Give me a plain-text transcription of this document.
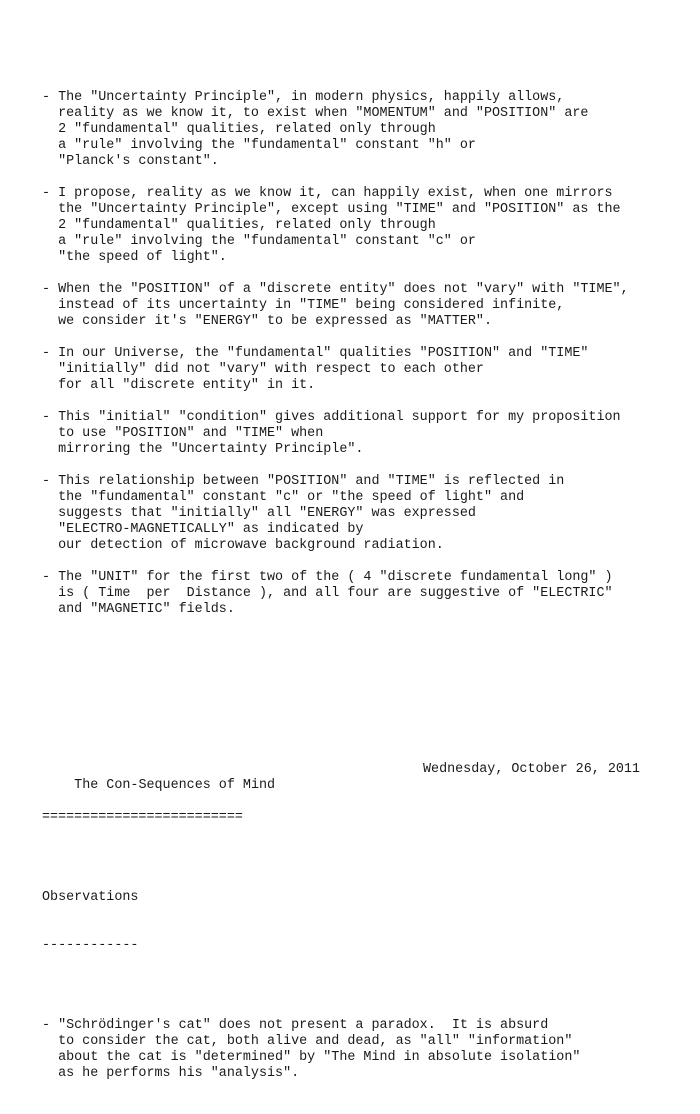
- The "Uncertainty Principle", in modern physics, happily allows,
reality as we know it, to exist when "MOMENTUM" and "POSITION" are
2 "fundamental" qualities, related only through
a "rule" involving the "fundamental" constant "h" or
"Planck's constant".
- I propose, reality as we know it, can happily exist, when one mirrors
the "Uncertainty Principle", except using "TIME" and "POSITION" as the
2 "fundamental" qualities, related only through
a "rule" involving the "fundamental" constant "c" or
"the speed of light".
- When the "POSITION" of a "discrete entity" does not "vary" with "TIME",
instead of its uncertainty in "TIME" being considered infinite,
we consider it's "ENERGY" to be expressed as "MATTER".
- In our Universe, the "fundamental" qualities "POSITION" and "TIME"
"initially" did not "vary" with respect to each other
for all "discrete entity" in it.
- This "initial" "condition" gives additional support for my proposition
to use "POSITION" and "TIME" when
mirroring the "Uncertainty Principle".
- This relationship between "POSITION" and "TIME" is reflected in
the "fundamental" constant "c" or "the speed of light" and
suggests that "initially" all "ENERGY" was expressed
"ELECTRO-MAGNETICALLY" as indicated by
our detection of microwave background radiation.
- The "UNIT" for the first two of the ( 4 "discrete fundamental long" )
is ( Time  per  Distance ), and all four are suggestive of "ELECTRIC"
and "MAGNETIC" fields.

The Con-Sequences of Mind

Wednesday, October 26, 2011

=========================

Observations

------------

- "Schrödinger's cat" does not present a paradox.  It is absurd
to consider the cat, both alive and dead, as "all" "information"
about the cat is "determined" by "The Mind in absolute isolation"
as he performs his "analysis".
